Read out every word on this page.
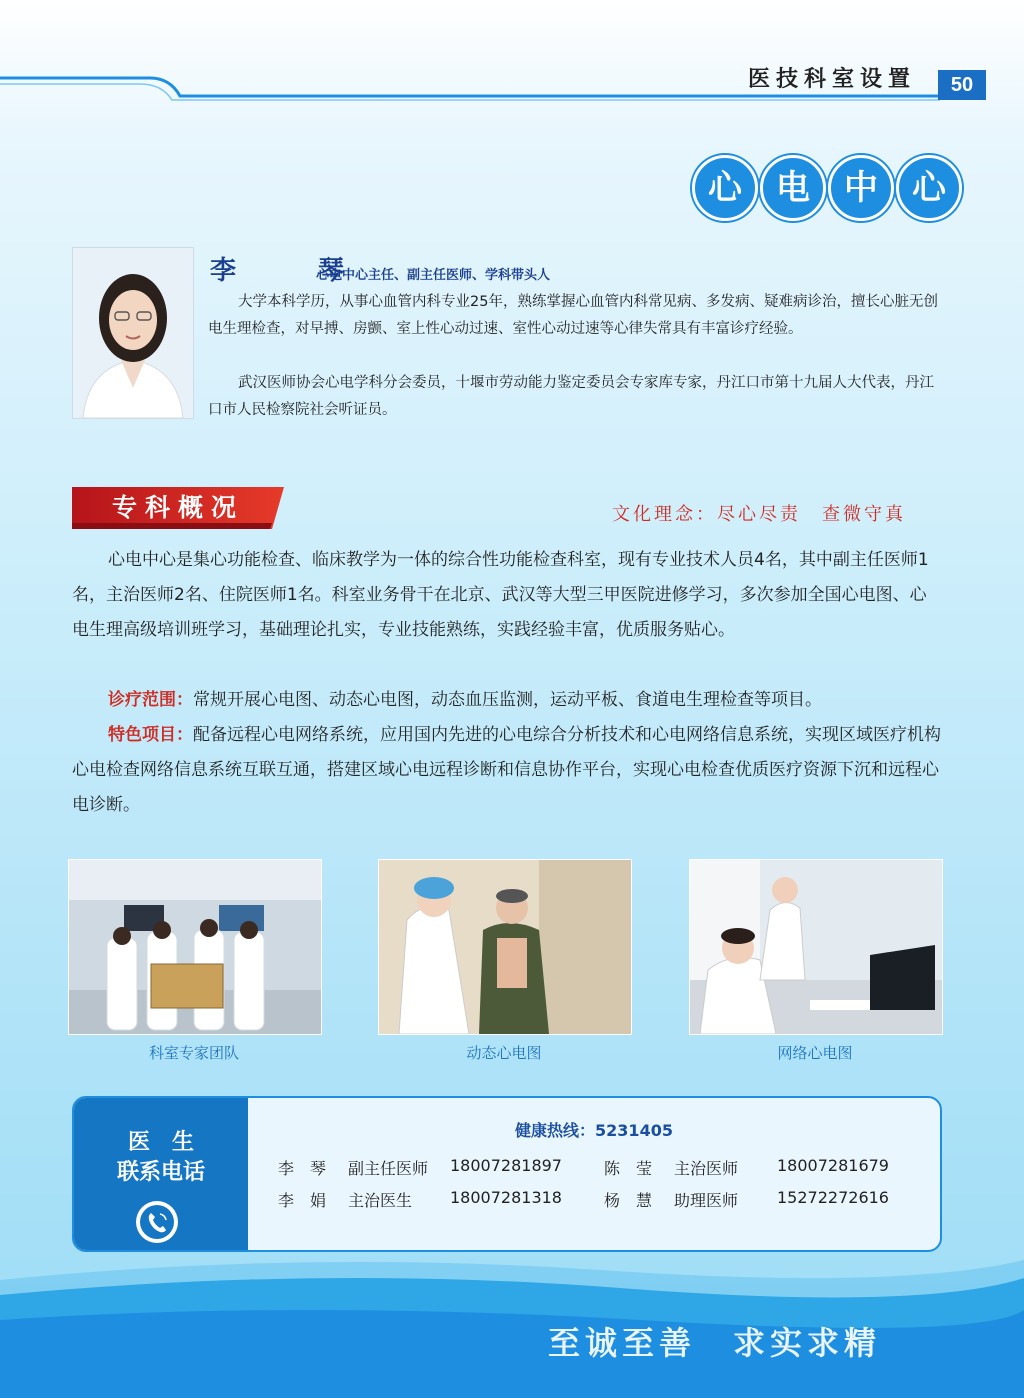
医技科室设置	50
心	电	中	心
李　琴
心电中心主任、副主任医师、学科带头人

大学本科学历，从事心血管内科专业25年，熟练掌握心血管内科常见病、多发病、疑难病诊治，擅长心脏无创电生理检查，对早搏、房颤、室上性心动过速、室性心动过速等心律失常具有丰富诊疗经验。

武汉医师协会心电学科分会委员，十堰市劳动能力鉴定委员会专家库专家，丹江口市第十九届人大代表，丹江口市人民检察院社会听证员。

专科概况	文化理念：尽心尽责　查微守真

心电中心是集心功能检查、临床教学为一体的综合性功能检查科室，现有专业技术人员4名，其中副主任医师1名，主治医师2名、住院医师1名。科室业务骨干在北京、武汉等大型三甲医院进修学习，多次参加全国心电图、心电生理高级培训班学习，基础理论扎实，专业技能熟练，实践经验丰富，优质服务贴心。

诊疗范围：常规开展心电图、动态心电图，动态血压监测，运动平板、食道电生理检查等项目。

特色项目：配备远程心电网络系统，应用国内先进的心电综合分析技术和心电网络信息系统，实现区域医疗机构心电检查网络信息系统互联互通，搭建区域心电远程诊断和信息协作平台，实现心电检查优质医疗资源下沉和远程心电诊断。

科室专家团队	动态心电图	网络心电图
医　生
联系电话
健康热线：5231405
李　琴 副主任医师 18007281897	陈　莹 主治医师 18007281679
李　娟 主治医生 18007281318	杨　慧 助理医师 15272272616
至诚至善　求实求精
